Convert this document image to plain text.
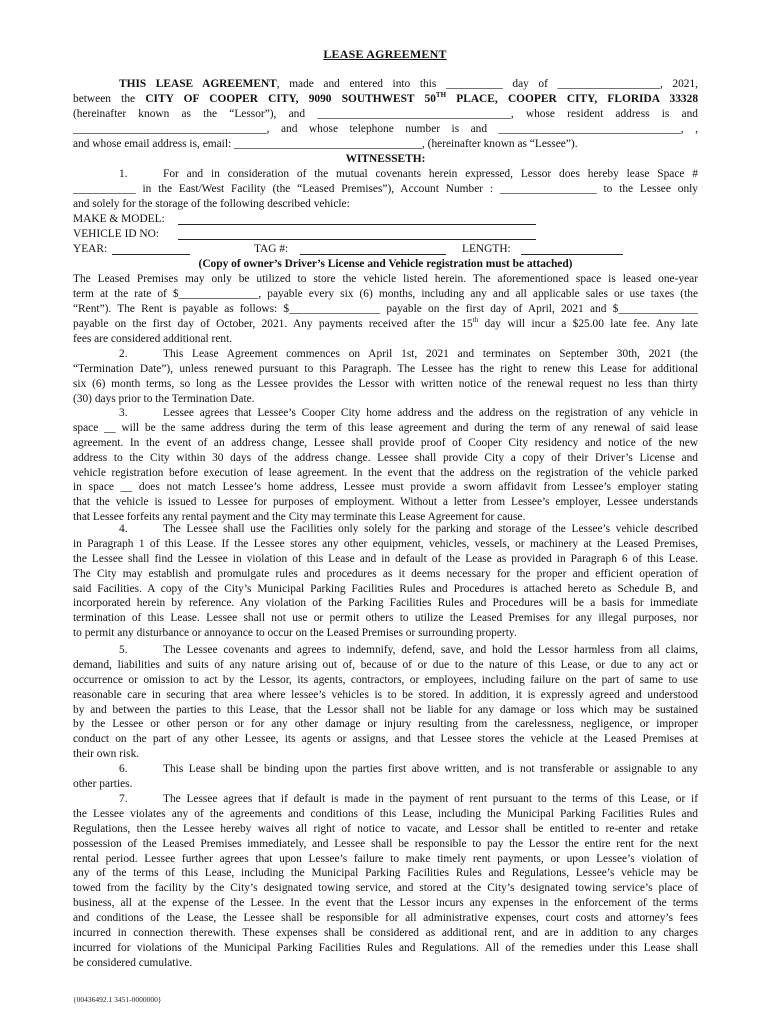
LEASE AGREEMENT
THIS LEASE AGREEMENT, made and entered into this __________ day of __________________, 2021,
between the CITY OF COOPER CITY, 9090 SOUTHWEST 50TH PLACE, COOPER CITY, FLORIDA 33328
(hereinafter known as the “Lessor”), and __________________________________, whose resident address is and
__________________________________, and whose telephone number is and ________________________________, ,
and whose email address is, email: _________________________________, (hereinafter known as “Lessee”).
WITNESSETH:
1.	For and in consideration of the mutual covenants herein expressed, Lessor does hereby lease Space #
___________ in the East/West Facility (the “Leased Premises”), Account Number : _________________ to the Lessee only
and solely for the storage of the following described vehicle:
MAKE & MODEL:
VEHICLE ID NO:
YEAR:	TAG #:	LENGTH:
(Copy of owner’s Driver’s License and Vehicle registration must be attached)
The Leased Premises may only be utilized to store the vehicle listed herein. The aforementioned space is leased one-year
term at the rate of $______________, payable every six (6) months, including any and all applicable sales or use taxes (the
“Rent”). The Rent is payable as follows: $________________ payable on the first day of April, 2021 and $______________
payable on the first day of October, 2021. Any payments received after the 15th day will incur a $25.00 late fee. Any late
fees are considered additional rent.
2.	This Lease Agreement commences on April 1st, 2021 and terminates on September 30th, 2021 (the
“Termination Date”), unless renewed pursuant to this Paragraph. The Lessee has the right to renew this Lease for additional
six (6) month terms, so long as the Lessee provides the Lessor with written notice of the renewal request no less than thirty
(30) days prior to the Termination Date.
3.	Lessee agrees that Lessee’s Cooper City home address and the address on the registration of any vehicle in
space __ will be the same address during the term of this lease agreement and during the term of any renewal of said lease
agreement. In the event of an address change, Lessee shall provide proof of Cooper City residency and notice of the new
address to the City within 30 days of the address change. Lessee shall provide City a copy of their Driver’s License and
vehicle registration before execution of lease agreement. In the event that the address on the registration of the vehicle parked
in space __ does not match Lessee’s home address, Lessee must provide a sworn affidavit from Lessee’s employer stating
that the vehicle is issued to Lessee for purposes of employment. Without a letter from Lessee’s employer, Lessee understands
that Lessee forfeits any rental payment and the City may terminate this Lease Agreement for cause.
4.	The Lessee shall use the Facilities only solely for the parking and storage of the Lessee’s vehicle described
in Paragraph 1 of this Lease. If the Lessee stores any other equipment, vehicles, vessels, or machinery at the Leased Premises,
the Lessee shall find the Lessee in violation of this Lease and in default of the Lease as provided in Paragraph 6 of this Lease.
The City may establish and promulgate rules and procedures as it deems necessary for the proper and efficient operation of
said Facilities. A copy of the City’s Municipal Parking Facilities Rules and Procedures is attached hereto as Schedule B, and
incorporated herein by reference. Any violation of the Parking Facilities Rules and Procedures will be a basis for immediate
termination of this Lease. Lessee shall not use or permit others to utilize the Leased Premises for any illegal purposes, nor
to permit any disturbance or annoyance to occur on the Leased Premises or surrounding property.
5.	The Lessee covenants and agrees to indemnify, defend, save, and hold the Lessor harmless from all claims,
demand, liabilities and suits of any nature arising out of, because of or due to the nature of this Lease, or due to any act or
occurrence or omission to act by the Lessor, its agents, contractors, or employees, including failure on the part of same to use
reasonable care in securing that area where lessee’s vehicles is to be stored. In addition, it is expressly agreed and understood
by and between the parties to this Lease, that the Lessor shall not be liable for any damage or loss which may be sustained
by the Lessee or other person or for any other damage or injury resulting from the carelessness, negligence, or improper
conduct on the part of any other Lessee, its agents or assigns, and that Lessee stores the vehicle at the Leased Premises at
their own risk.
6.	This Lease shall be binding upon the parties first above written, and is not transferable or assignable to any
other parties.
7.	The Lessee agrees that if default is made in the payment of rent pursuant to the terms of this Lease, or if
the Lessee violates any of the agreements and conditions of this Lease, including the Municipal Parking Facilities Rules and
Regulations, then the Lessee hereby waives all right of notice to vacate, and Lessor shall be entitled to re-enter and retake
possession of the Leased Premises immediately, and Lessee shall be responsible to pay the Lessor the entire rent for the next
rental period. Lessee further agrees that upon Lessee’s failure to make timely rent payments, or upon Lessee’s violation of
any of the terms of this Lease, including the Municipal Parking Facilities Rules and Regulations, Lessee’s vehicle may be
towed from the facility by the City’s designated towing service, and stored at the City’s designated towing service’s place of
business, all at the expense of the Lessee. In the event that the Lessor incurs any expenses in the enforcement of the terms
and conditions of the Lease, the Lessee shall be responsible for all administrative expenses, court costs and attorney’s fees
incurred in connection therewith. These expenses shall be considered as additional rent, and are in addition to any charges
incurred for violations of the Municipal Parking Facilities Rules and Regulations. All of the remedies under this Lease shall
be considered cumulative.
{00436492.1 3451-0000000}
